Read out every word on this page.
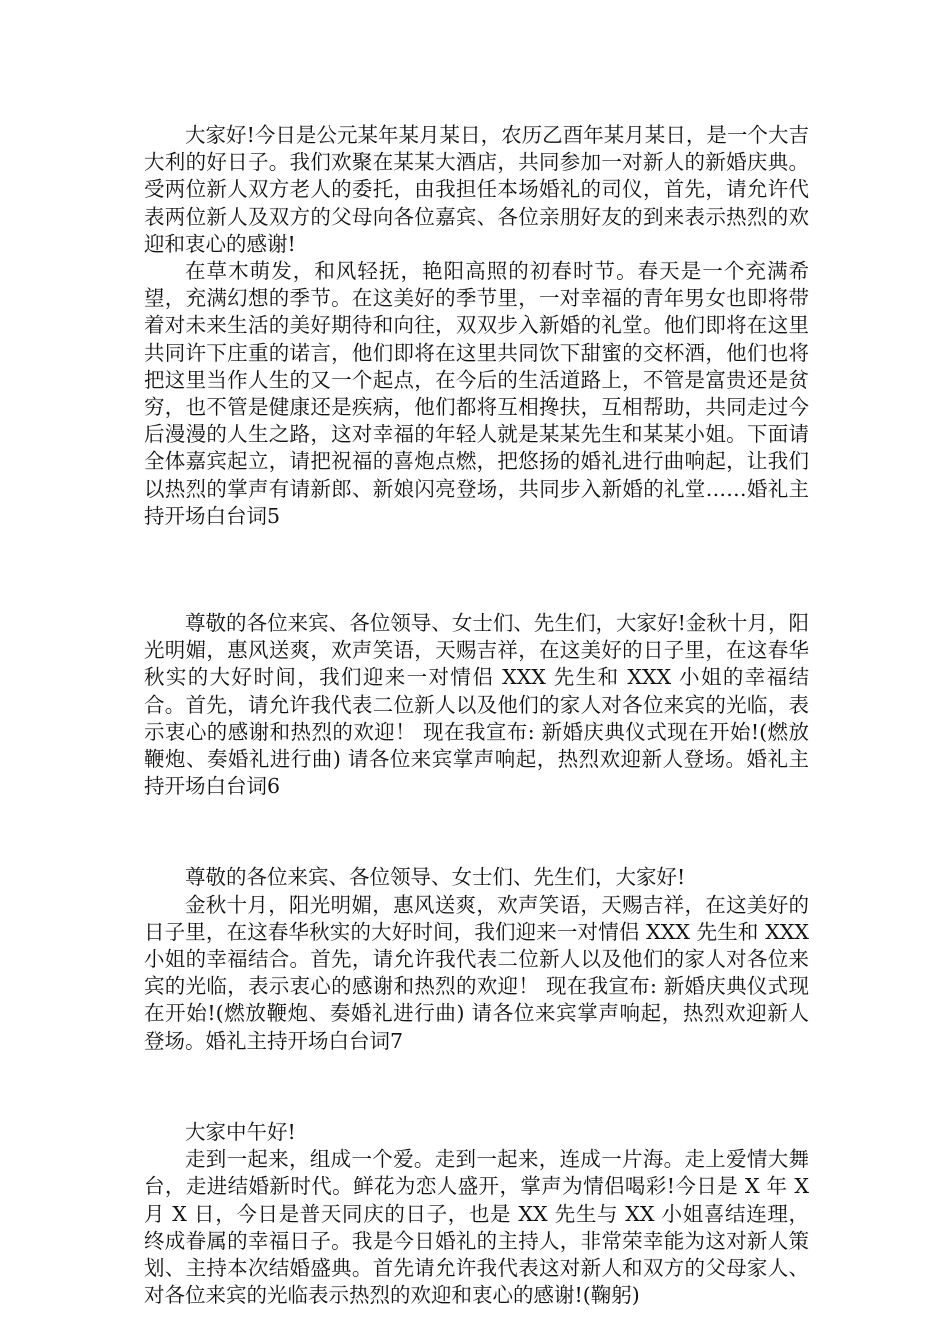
大家好!今日是公元某年某月某日，农历乙酉年某月某日，是一个大吉大利的好日子。我们欢聚在某某大酒店，共同参加一对新人的新婚庆典。受两位新人双方老人的委托，由我担任本场婚礼的司仪，首先，请允许代表两位新人及双方的父母向各位嘉宾、各位亲朋好友的到来表示热烈的欢迎和衷心的感谢!

在草木萌发，和风轻抚，艳阳高照的初春时节。春天是一个充满希望，充满幻想的季节。在这美好的季节里，一对幸福的青年男女也即将带着对未来生活的美好期待和向往，双双步入新婚的礼堂。他们即将在这里共同许下庄重的诺言，他们即将在这里共同饮下甜蜜的交杯酒，他们也将把这里当作人生的又一个起点，在今后的生活道路上，不管是富贵还是贫穷，也不管是健康还是疾病，他们都将互相搀扶，互相帮助，共同走过今后漫漫的人生之路，这对幸福的年轻人就是某某先生和某某小姐。下面请全体嘉宾起立，请把祝福的喜炮点燃，把悠扬的婚礼进行曲响起，让我们以热烈的掌声有请新郎、新娘闪亮登场，共同步入新婚的礼堂……婚礼主持开场白台词5

尊敬的各位来宾、各位领导、女士们、先生们，大家好!金秋十月，阳光明媚，惠风送爽，欢声笑语，天赐吉祥，在这美好的日子里，在这春华秋实的大好时间，我们迎来一对情侣 XXX 先生和 XXX 小姐的幸福结合。首先，请允许我代表二位新人以及他们的家人对各位来宾的光临，表示衷心的感谢和热烈的欢迎！ 现在我宣布: 新婚庆典仪式现在开始!(燃放鞭炮、奏婚礼进行曲) 请各位来宾掌声响起，热烈欢迎新人登场。婚礼主持开场白台词6

尊敬的各位来宾、各位领导、女士们、先生们，大家好!

金秋十月，阳光明媚，惠风送爽，欢声笑语，天赐吉祥，在这美好的日子里，在这春华秋实的大好时间，我们迎来一对情侣 XXX 先生和 XXX 小姐的幸福结合。首先，请允许我代表二位新人以及他们的家人对各位来宾的光临，表示衷心的感谢和热烈的欢迎！ 现在我宣布: 新婚庆典仪式现在开始!(燃放鞭炮、奏婚礼进行曲) 请各位来宾掌声响起，热烈欢迎新人登场。婚礼主持开场白台词7

大家中午好!

走到一起来，组成一个爱。走到一起来，连成一片海。走上爱情大舞台，走进结婚新时代。鲜花为恋人盛开，掌声为情侣喝彩!今日是 X 年 X 月 X 日，今日是普天同庆的日子，也是 XX 先生与 XX 小姐喜结连理，终成眷属的幸福日子。我是今日婚礼的主持人，非常荣幸能为这对新人策划、主持本次结婚盛典。首先请允许我代表这对新人和双方的父母家人、对各位来宾的光临表示热烈的欢迎和衷心的感谢!(鞠躬)
